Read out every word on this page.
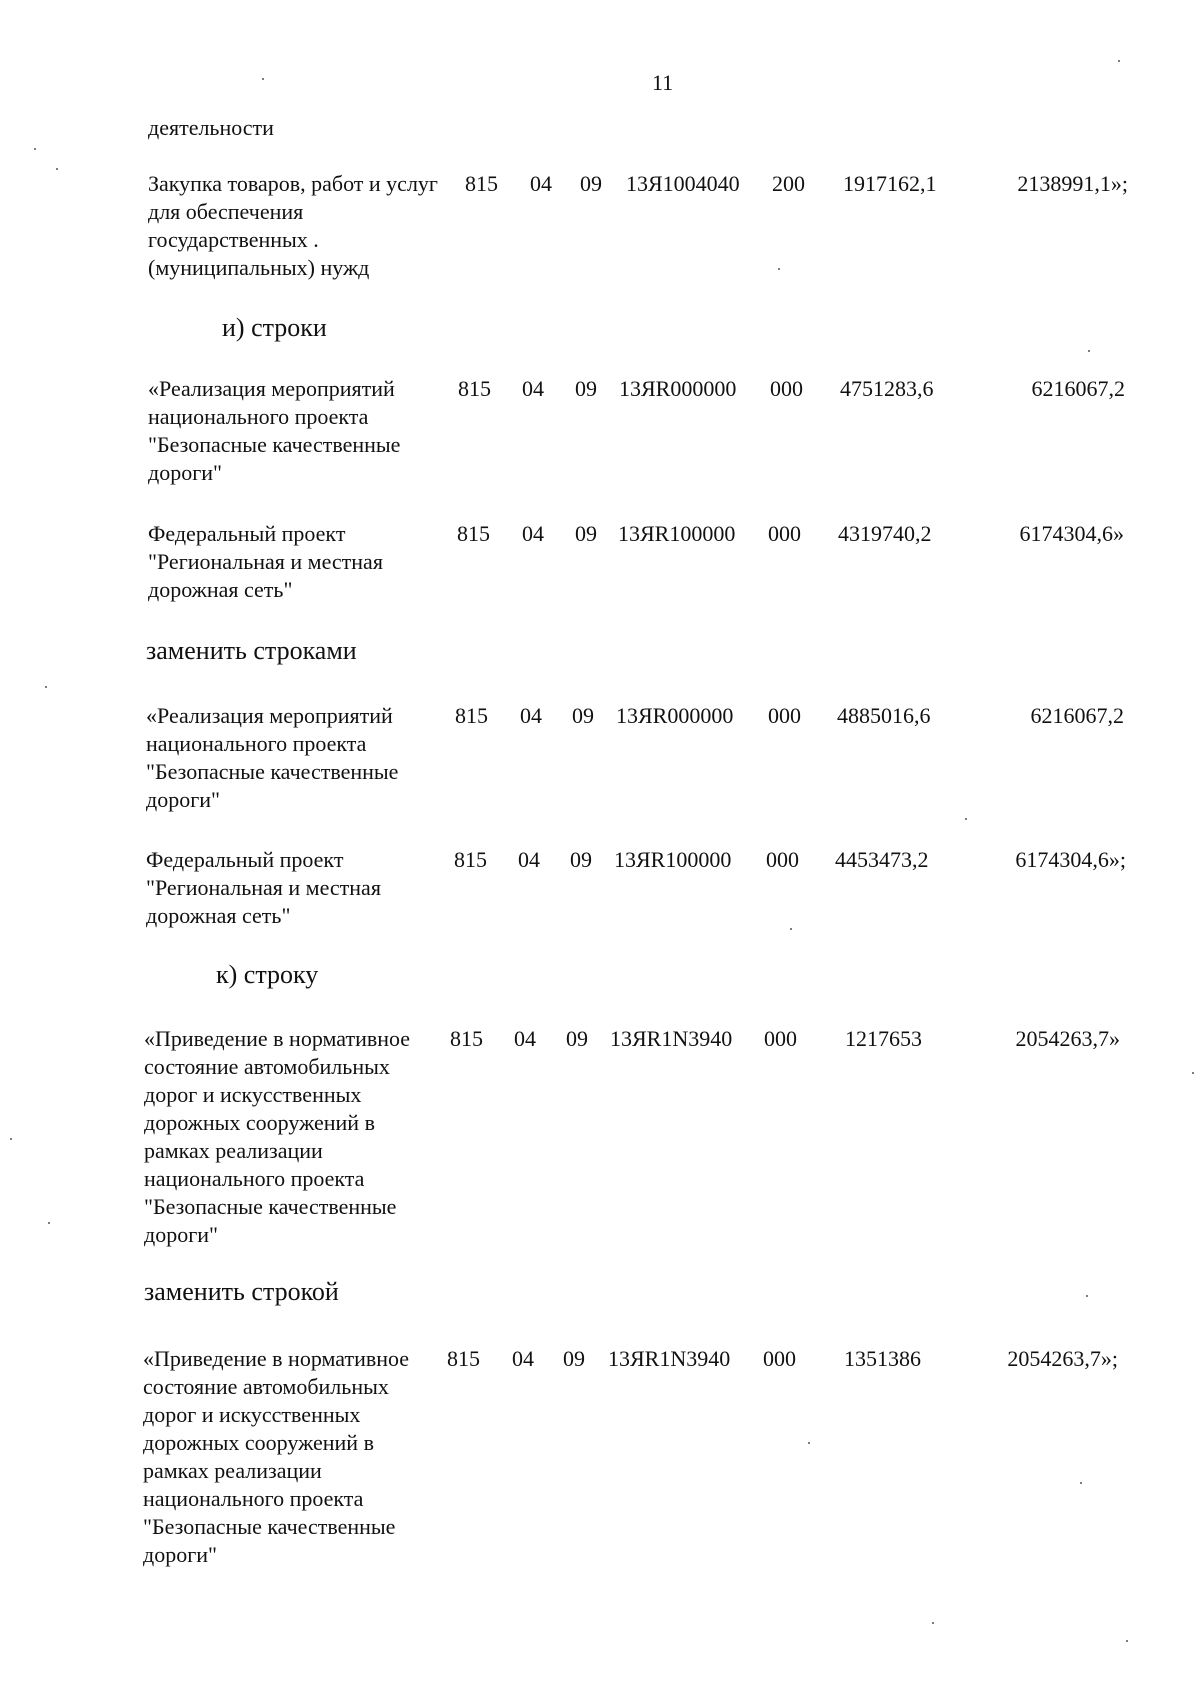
11
деятельности
Закупка товаров, работ и услуг для обеспечения государственных . (муниципальных) нужд
815 04 09 13Я1004040 200 1917162,1	2138991,1»;
и) строки
«Реализация мероприятий национального проекта "Безопасные качественные дороги"
815 04 09 13ЯR000000 000 4751283,6	6216067,2
Федеральный проект "Региональная и местная дорожная сеть"
815 04 09 13ЯR100000 000 4319740,2	6174304,6»
заменить строками
«Реализация мероприятий национального проекта "Безопасные качественные дороги"
815 04 09 13ЯR000000 000 4885016,6	6216067,2
Федеральный проект "Региональная и местная дорожная сеть"
815 04 09 13ЯR100000 000 4453473,2	6174304,6»;
к) строку
«Приведение в нормативное состояние автомобильных дорог и искусственных дорожных сооружений в рамках реализации национального проекта "Безопасные качественные дороги"
815 04 09 13ЯR1N3940 000 1217653	2054263,7»
заменить строкой
«Приведение в нормативное состояние автомобильных дорог и искусственных дорожных сооружений в рамках реализации национального проекта "Безопасные качественные дороги"
815 04 09 13ЯR1N3940 000 1351386	2054263,7»;
